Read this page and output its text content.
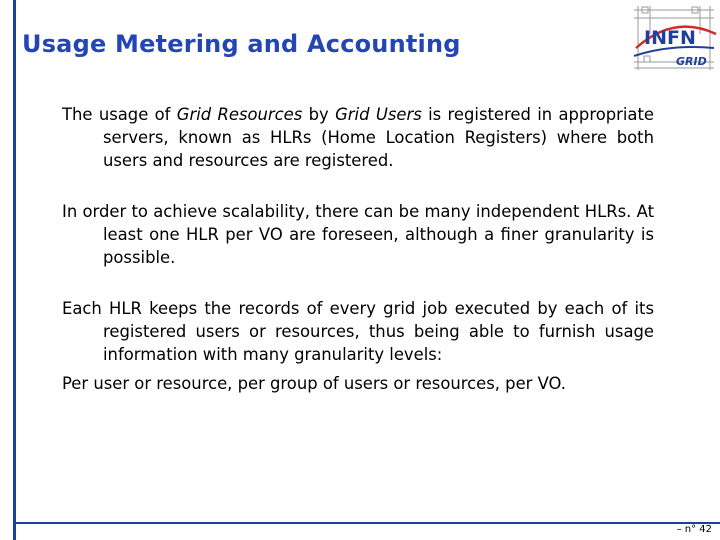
Usage Metering and Accounting	INFN
GRID

The usage of Grid Resources by Grid Users is registered in appropriate servers, known as HLRs (Home Location Registers) where both users and resources are registered.

In order to achieve scalability, there can be many independent HLRs. At least one HLR per VO are foreseen, although a finer granularity is possible.

Each HLR keeps the records of every grid job executed by each of its registered users or resources, thus being able to furnish usage information with many granularity levels:

Per user or resource, per group of users or resources, per VO.

– n° 42
